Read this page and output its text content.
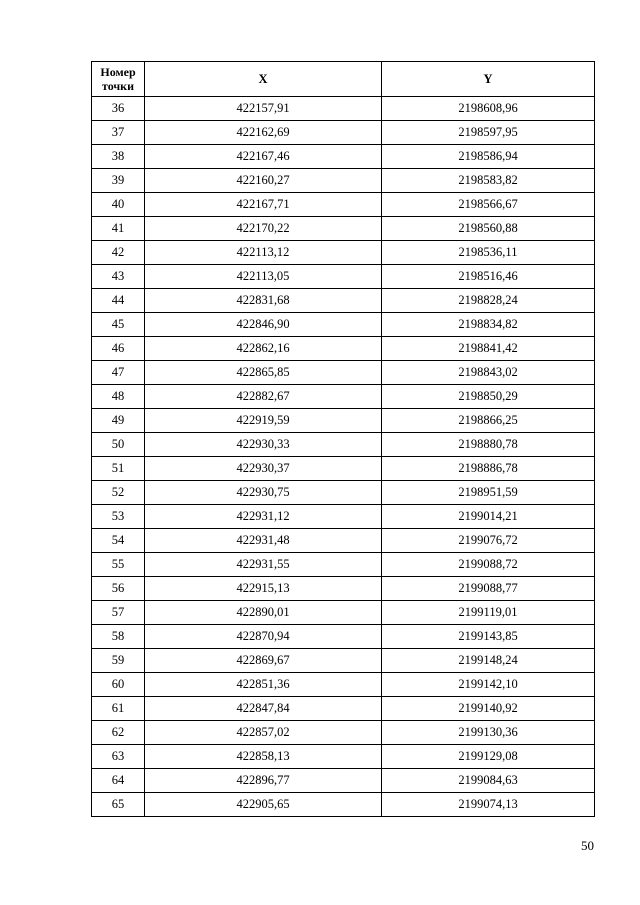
Номер
точки	X	Y
36	422157,91	2198608,96
37	422162,69	2198597,95
38	422167,46	2198586,94
39	422160,27	2198583,82
40	422167,71	2198566,67
41	422170,22	2198560,88
42	422113,12	2198536,11
43	422113,05	2198516,46
44	422831,68	2198828,24
45	422846,90	2198834,82
46	422862,16	2198841,42
47	422865,85	2198843,02
48	422882,67	2198850,29
49	422919,59	2198866,25
50	422930,33	2198880,78
51	422930,37	2198886,78
52	422930,75	2198951,59
53	422931,12	2199014,21
54	422931,48	2199076,72
55	422931,55	2199088,72
56	422915,13	2199088,77
57	422890,01	2199119,01
58	422870,94	2199143,85
59	422869,67	2199148,24
60	422851,36	2199142,10
61	422847,84	2199140,92
62	422857,02	2199130,36
63	422858,13	2199129,08
64	422896,77	2199084,63
65	422905,65	2199074,13
50
